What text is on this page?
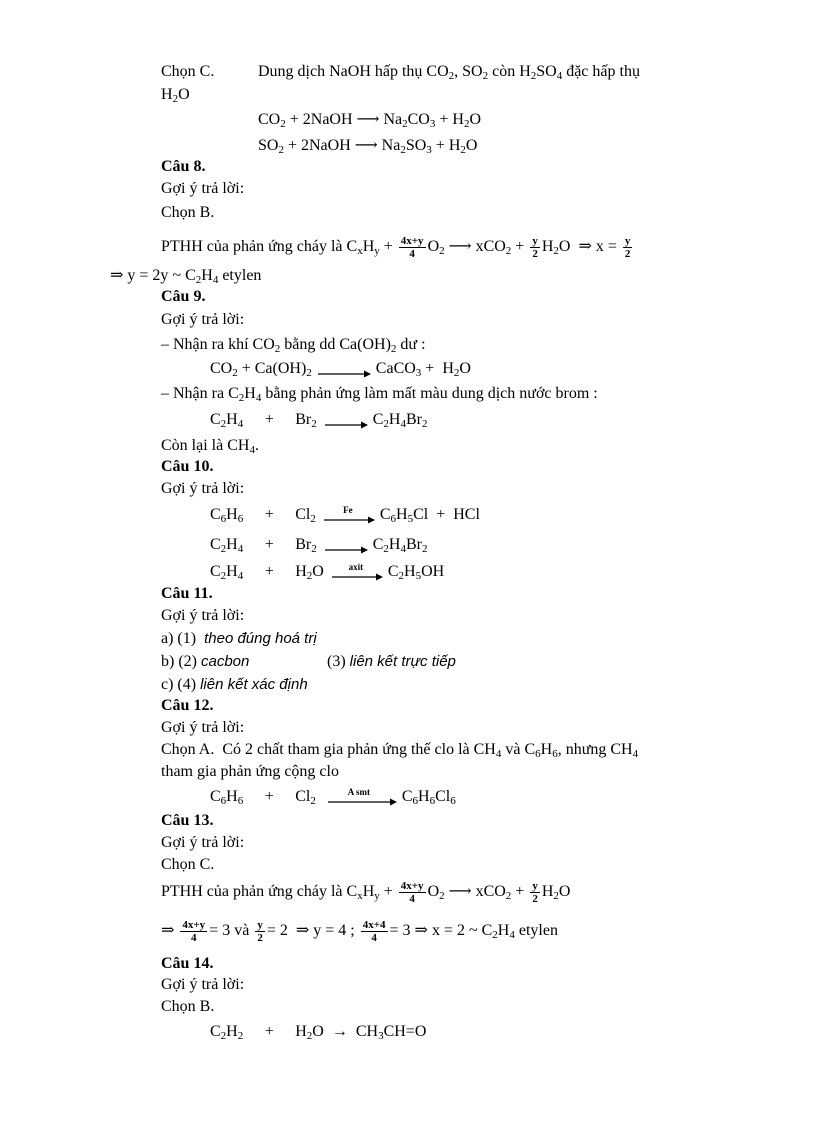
Chọn C.	Dung dịch NaOH hấp thụ $CO_2$, $SO_2$ còn $H_2SO_4$ đặc hấp thụ
$H_2O$
$CO_2$ + 2NaOH ⟶ $Na_2CO_3 + H_2O$
$SO_2$ + 2NaOH ⟶ $Na_2SO_3 + H_2O$
Câu 8.
Gợi ý trả lời:
Chọn B.
PTHH của phản ứng cháy là $C_xH_y + \frac{4x+y}{4} O_2$ ⟶ $xCO_2 + \frac{y}{2} H_2O$  ⇒ $x = \frac{y}{2}$
⇒ y = 2y ~ $C_2H_4$ etylen
Câu 9.
Gợi ý trả lời:
– Nhận ra khí $CO_2$ bằng dd $Ca(OH)_2$ dư :
$CO_2 + Ca(OH)_2$	CaCO$_3$ +  $H_2O$
– Nhận ra $C_2H_4$ bằng phản ứng làm mất màu dung dịch nước brom :
$C_2H_4 + Br_2$	$C_2H_4Br_2$
Còn lại là $CH_4$.
Câu 10.
Gợi ý trả lời:
$C_6H_6 + Cl_2$
Fe	$C_6H_5Cl$  +  HCl
$C_2H_4 + Br_2$	$C_2H_4Br_2$
$C_2H_4 + H_2O$	axit	$C_2H_5OH$
Câu 11.
Gợi ý trả lời:
a) (1) theo đúng hoá trị
b) (2) cacbon	(3) liên kết trực tiếp
c) (4) liên kết xác định
Câu 12.
Gợi ý trả lời:
Chọn A. Có 2 chất tham gia phản ứng thế clo là $CH_4$ và $C_6H_6$, nhưng $CH_4$
tham gia phản ứng cộng clo
$C_6H_6 + Cl_2$
A smt	$C_6H_6Cl_6$
Câu 13.
Gợi ý trả lời:
Chọn C.
PTHH của phản ứng cháy là $C_xH_y + \frac{4x+y}{4} O_2$ ⟶ $xCO_2 + \frac{y}{2} H_2O$
⇒ $\frac{4x+y}{4} = 3$ và $\frac{y}{2} = 2$  ⇒ y = 4 ; $\frac{4x+4}{4} = 3$ ⇒ x = 2 ~ $C_2H_4$ etylen
Câu 14.
Gợi ý trả lời:
Chọn B.
$C_2H_2 + H_2O \to CH_3CH=O$
